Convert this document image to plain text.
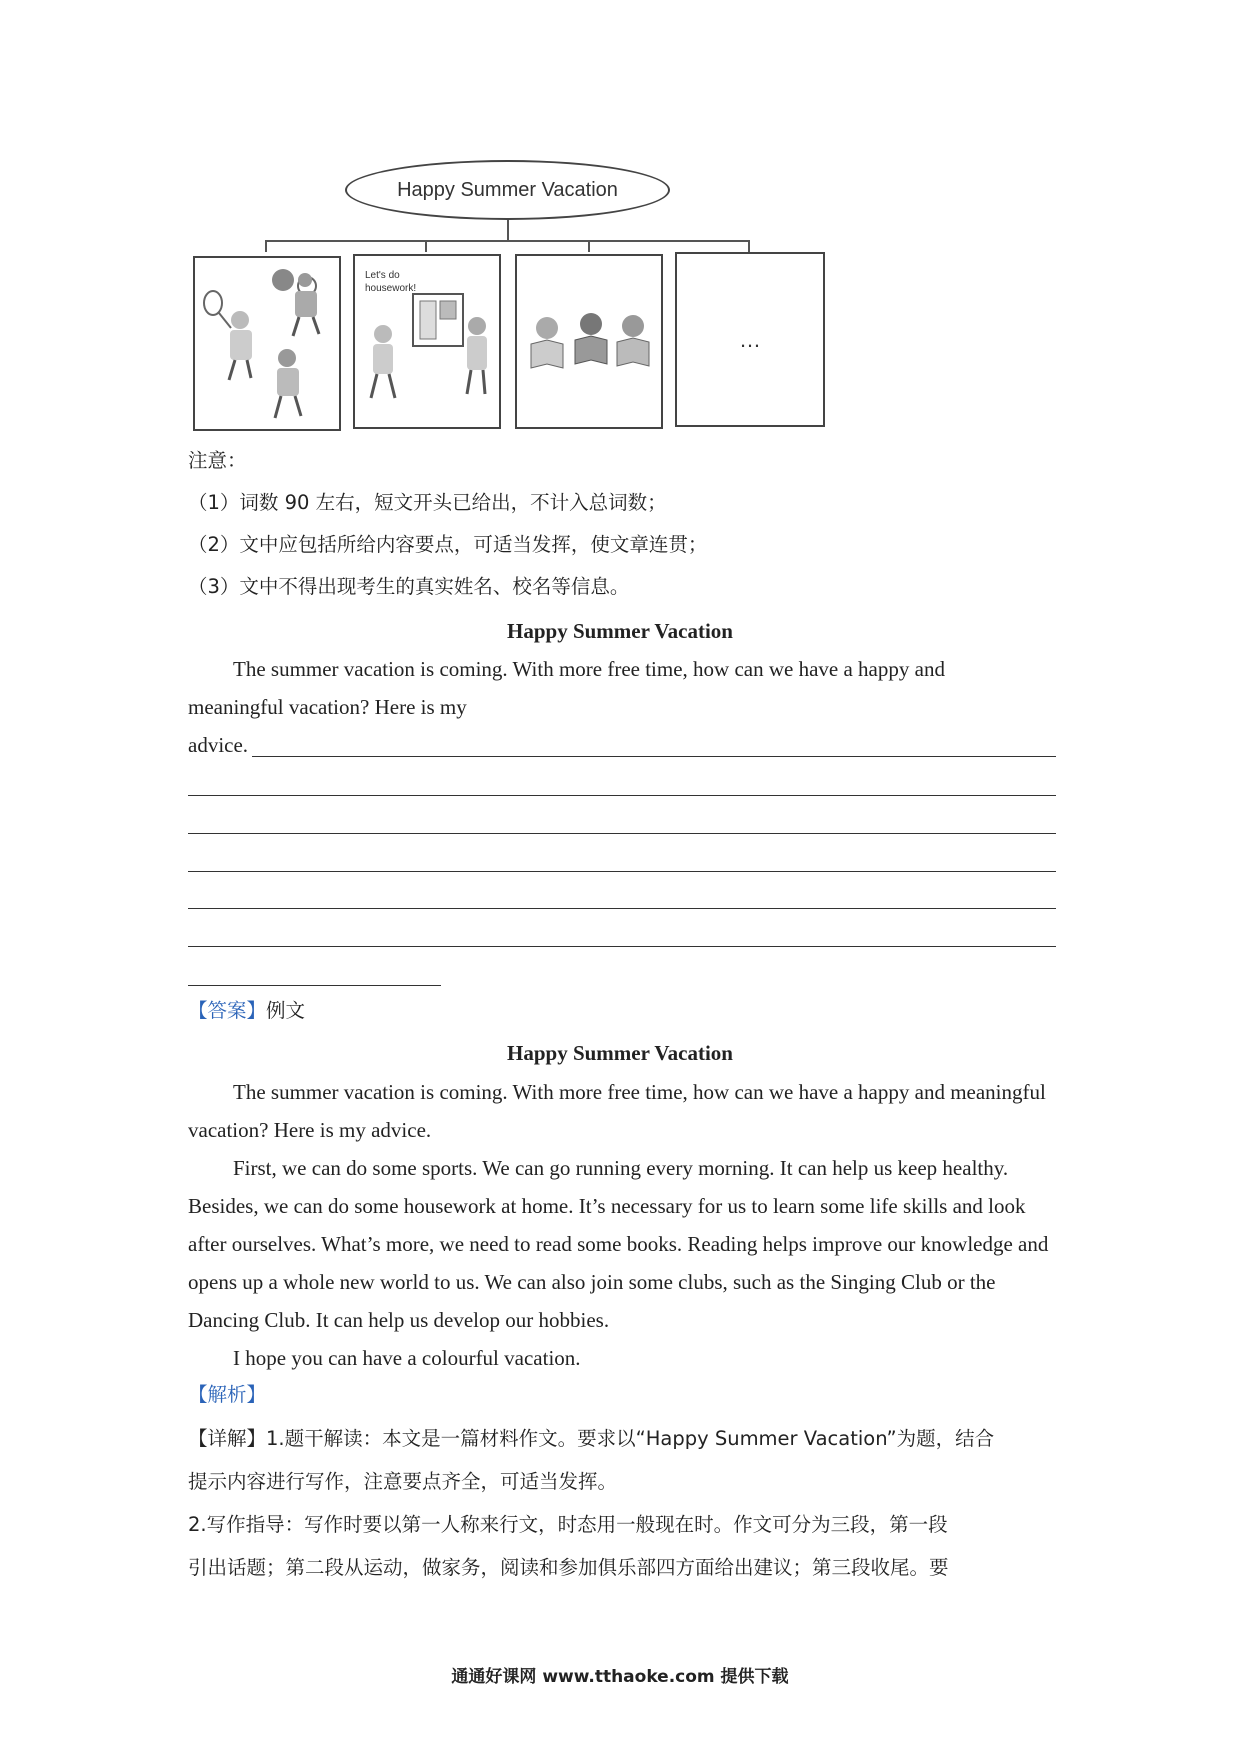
Happy Summer Vacation
Let's do
housework!
…
注意：
（1）词数 90 左右，短文开头已给出，不计入总词数；
（2）文中应包括所给内容要点，可适当发挥，使文章连贯；
（3）文中不得出现考生的真实姓名、校名等信息。
Happy Summer Vacation
The summer vacation is coming. With more free time, how can we have a happy and
meaningful vacation? Here is my
advice.
【答案】例文
Happy Summer Vacation
The summer vacation is coming. With more free time, how can we have a happy and meaningful vacation? Here is my advice.
First, we can do some sports. We can go running every morning. It can help us keep healthy. Besides, we can do some housework at home. It’s necessary for us to learn some life skills and look after ourselves. What’s more, we need to read some books. Reading helps improve our knowledge and opens up a whole new world to us. We can also join some clubs, such as the Singing Club or the Dancing Club. It can help us develop our hobbies.
I hope you can have a colourful vacation.
【解析】
【详解】1.题干解读：本文是一篇材料作文。要求以“Happy Summer Vacation”为题，结合
提示内容进行写作，注意要点齐全，可适当发挥。
2.写作指导：写作时要以第一人称来行文，时态用一般现在时。作文可分为三段，第一段
引出话题；第二段从运动，做家务，阅读和参加俱乐部四方面给出建议；第三段收尾。要
通通好课网 www.tthaoke.com 提供下载
